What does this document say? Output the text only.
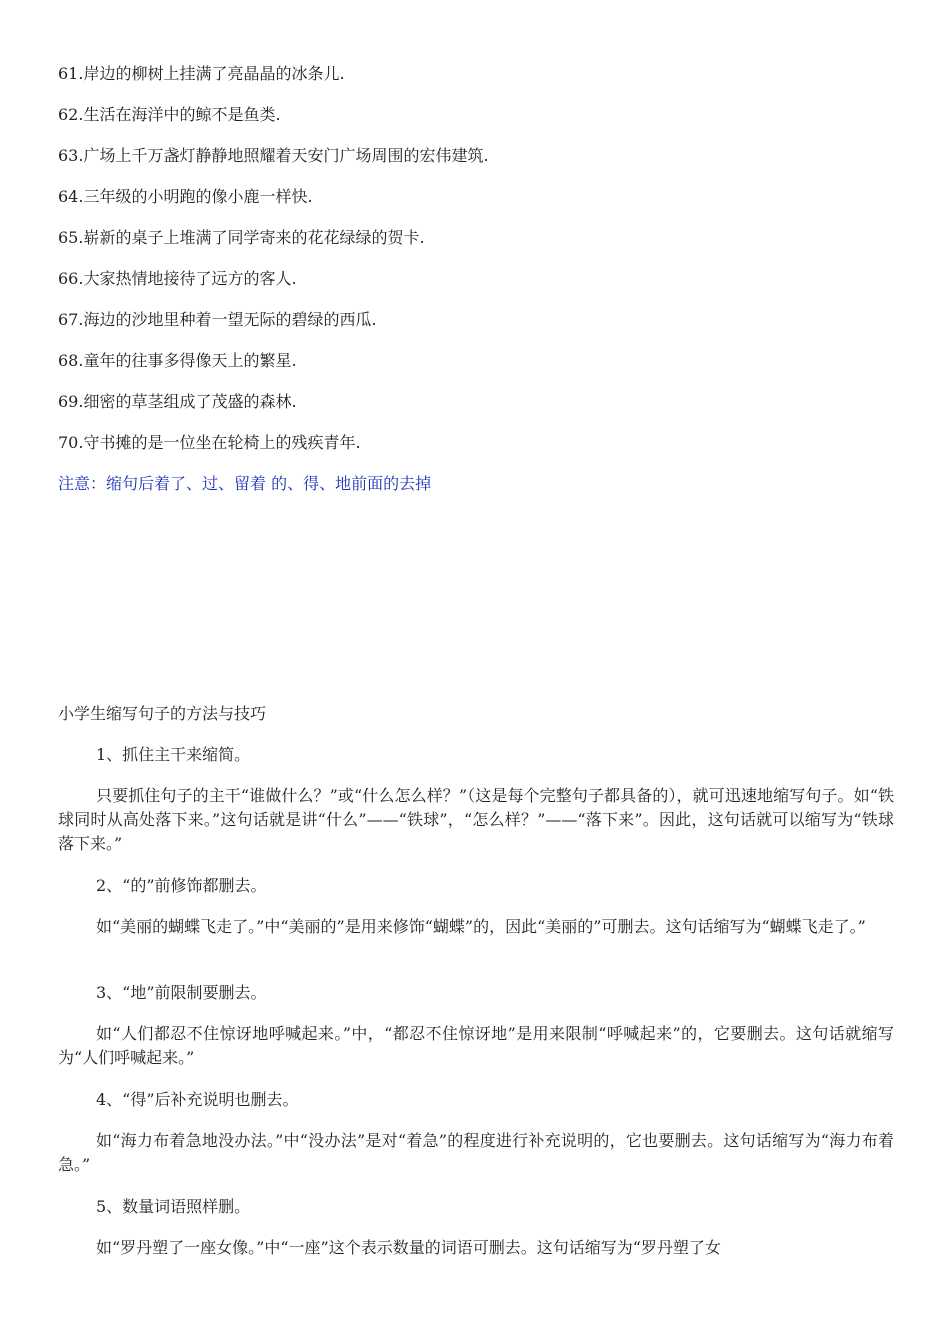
61.岸边的柳树上挂满了亮晶晶的冰条儿.

62.生活在海洋中的鲸不是鱼类.

63.广场上千万盏灯静静地照耀着天安门广场周围的宏伟建筑.

64.三年级的小明跑的像小鹿一样快.

65.崭新的桌子上堆满了同学寄来的花花绿绿的贺卡.

66.大家热情地接待了远方的客人.

67.海边的沙地里种着一望无际的碧绿的西瓜.

68.童年的往事多得像天上的繁星.

69.细密的草茎组成了茂盛的森林.

70.守书摊的是一位坐在轮椅上的残疾青年.

注意：缩句后着了、过、留着 的、得、地前面的去掉

小学生缩写句子的方法与技巧

1、抓住主干来缩简。

只要抓住句子的主干“谁做什么？”或“什么怎么样？”（这是每个完整句子都具备的），就可迅速地缩写句子。如“铁球同时从高处落下来。”这句话就是讲“什么”——“铁球”，“怎么样？”——“落下来”。因此，这句话就可以缩写为“铁球落下来。”

2、“的”前修饰都删去。

如“美丽的蝴蝶飞走了。”中“美丽的”是用来修饰“蝴蝶”的，因此“美丽的”可删去。这句话缩写为“蝴蝶飞走了。”

3、“地”前限制要删去。

如“人们都忍不住惊讶地呼喊起来。”中，“都忍不住惊讶地”是用来限制“呼喊起来”的，它要删去。这句话就缩写为“人们呼喊起来。”

4、“得”后补充说明也删去。

如“海力布着急地没办法。”中“没办法”是对“着急”的程度进行补充说明的，它也要删去。这句话缩写为“海力布着急。”

5、数量词语照样删。

如“罗丹塑了一座女像。”中“一座”这个表示数量的词语可删去。这句话缩写为“罗丹塑了女
